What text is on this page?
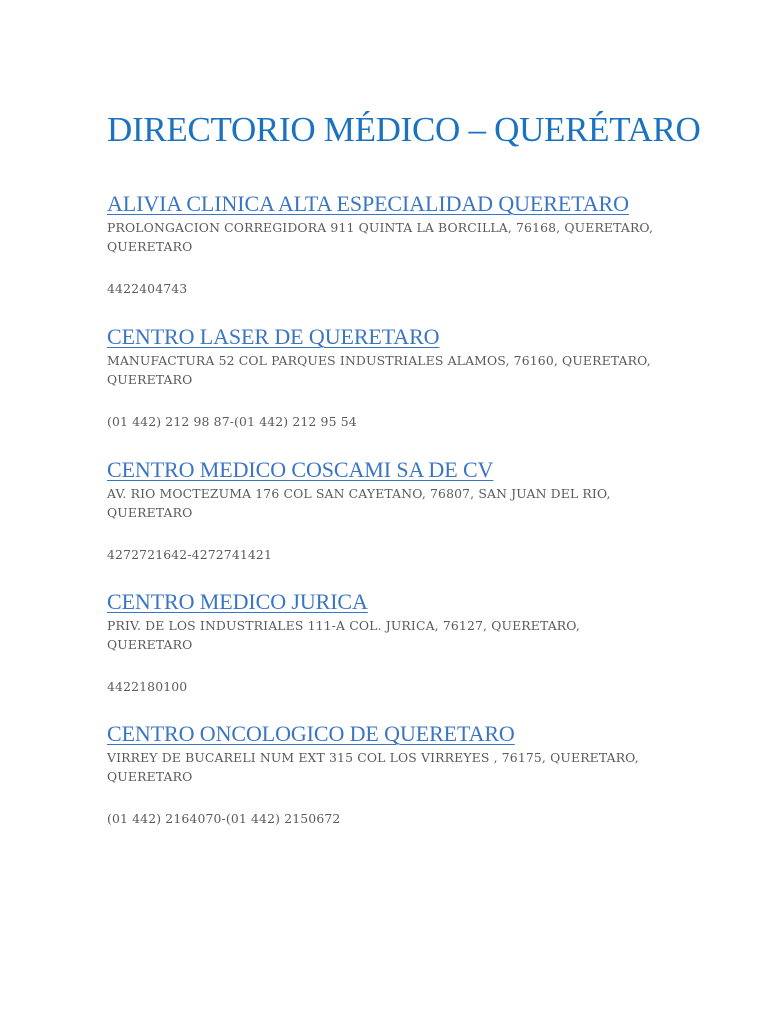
DIRECTORIO MÉDICO – QUERÉTARO
ALIVIA CLINICA ALTA ESPECIALIDAD QUERETARO
PROLONGACION CORREGIDORA 911 QUINTA LA BORCILLA, 76168, QUERETARO,
QUERETARO
4422404743
CENTRO LASER DE QUERETARO
MANUFACTURA 52 COL PARQUES INDUSTRIALES ALAMOS, 76160, QUERETARO,
QUERETARO
(01 442) 212 98 87-(01 442) 212 95 54
CENTRO MEDICO COSCAMI SA DE CV
AV. RIO MOCTEZUMA 176 COL SAN CAYETANO, 76807, SAN JUAN DEL RIO,
QUERETARO
4272721642-4272741421
CENTRO MEDICO JURICA
PRIV. DE LOS INDUSTRIALES 111-A COL. JURICA, 76127, QUERETARO,
QUERETARO
4422180100
CENTRO ONCOLOGICO DE QUERETARO
VIRREY DE BUCARELI NUM EXT 315 COL LOS VIRREYES , 76175, QUERETARO,
QUERETARO
(01 442) 2164070-(01 442) 2150672
